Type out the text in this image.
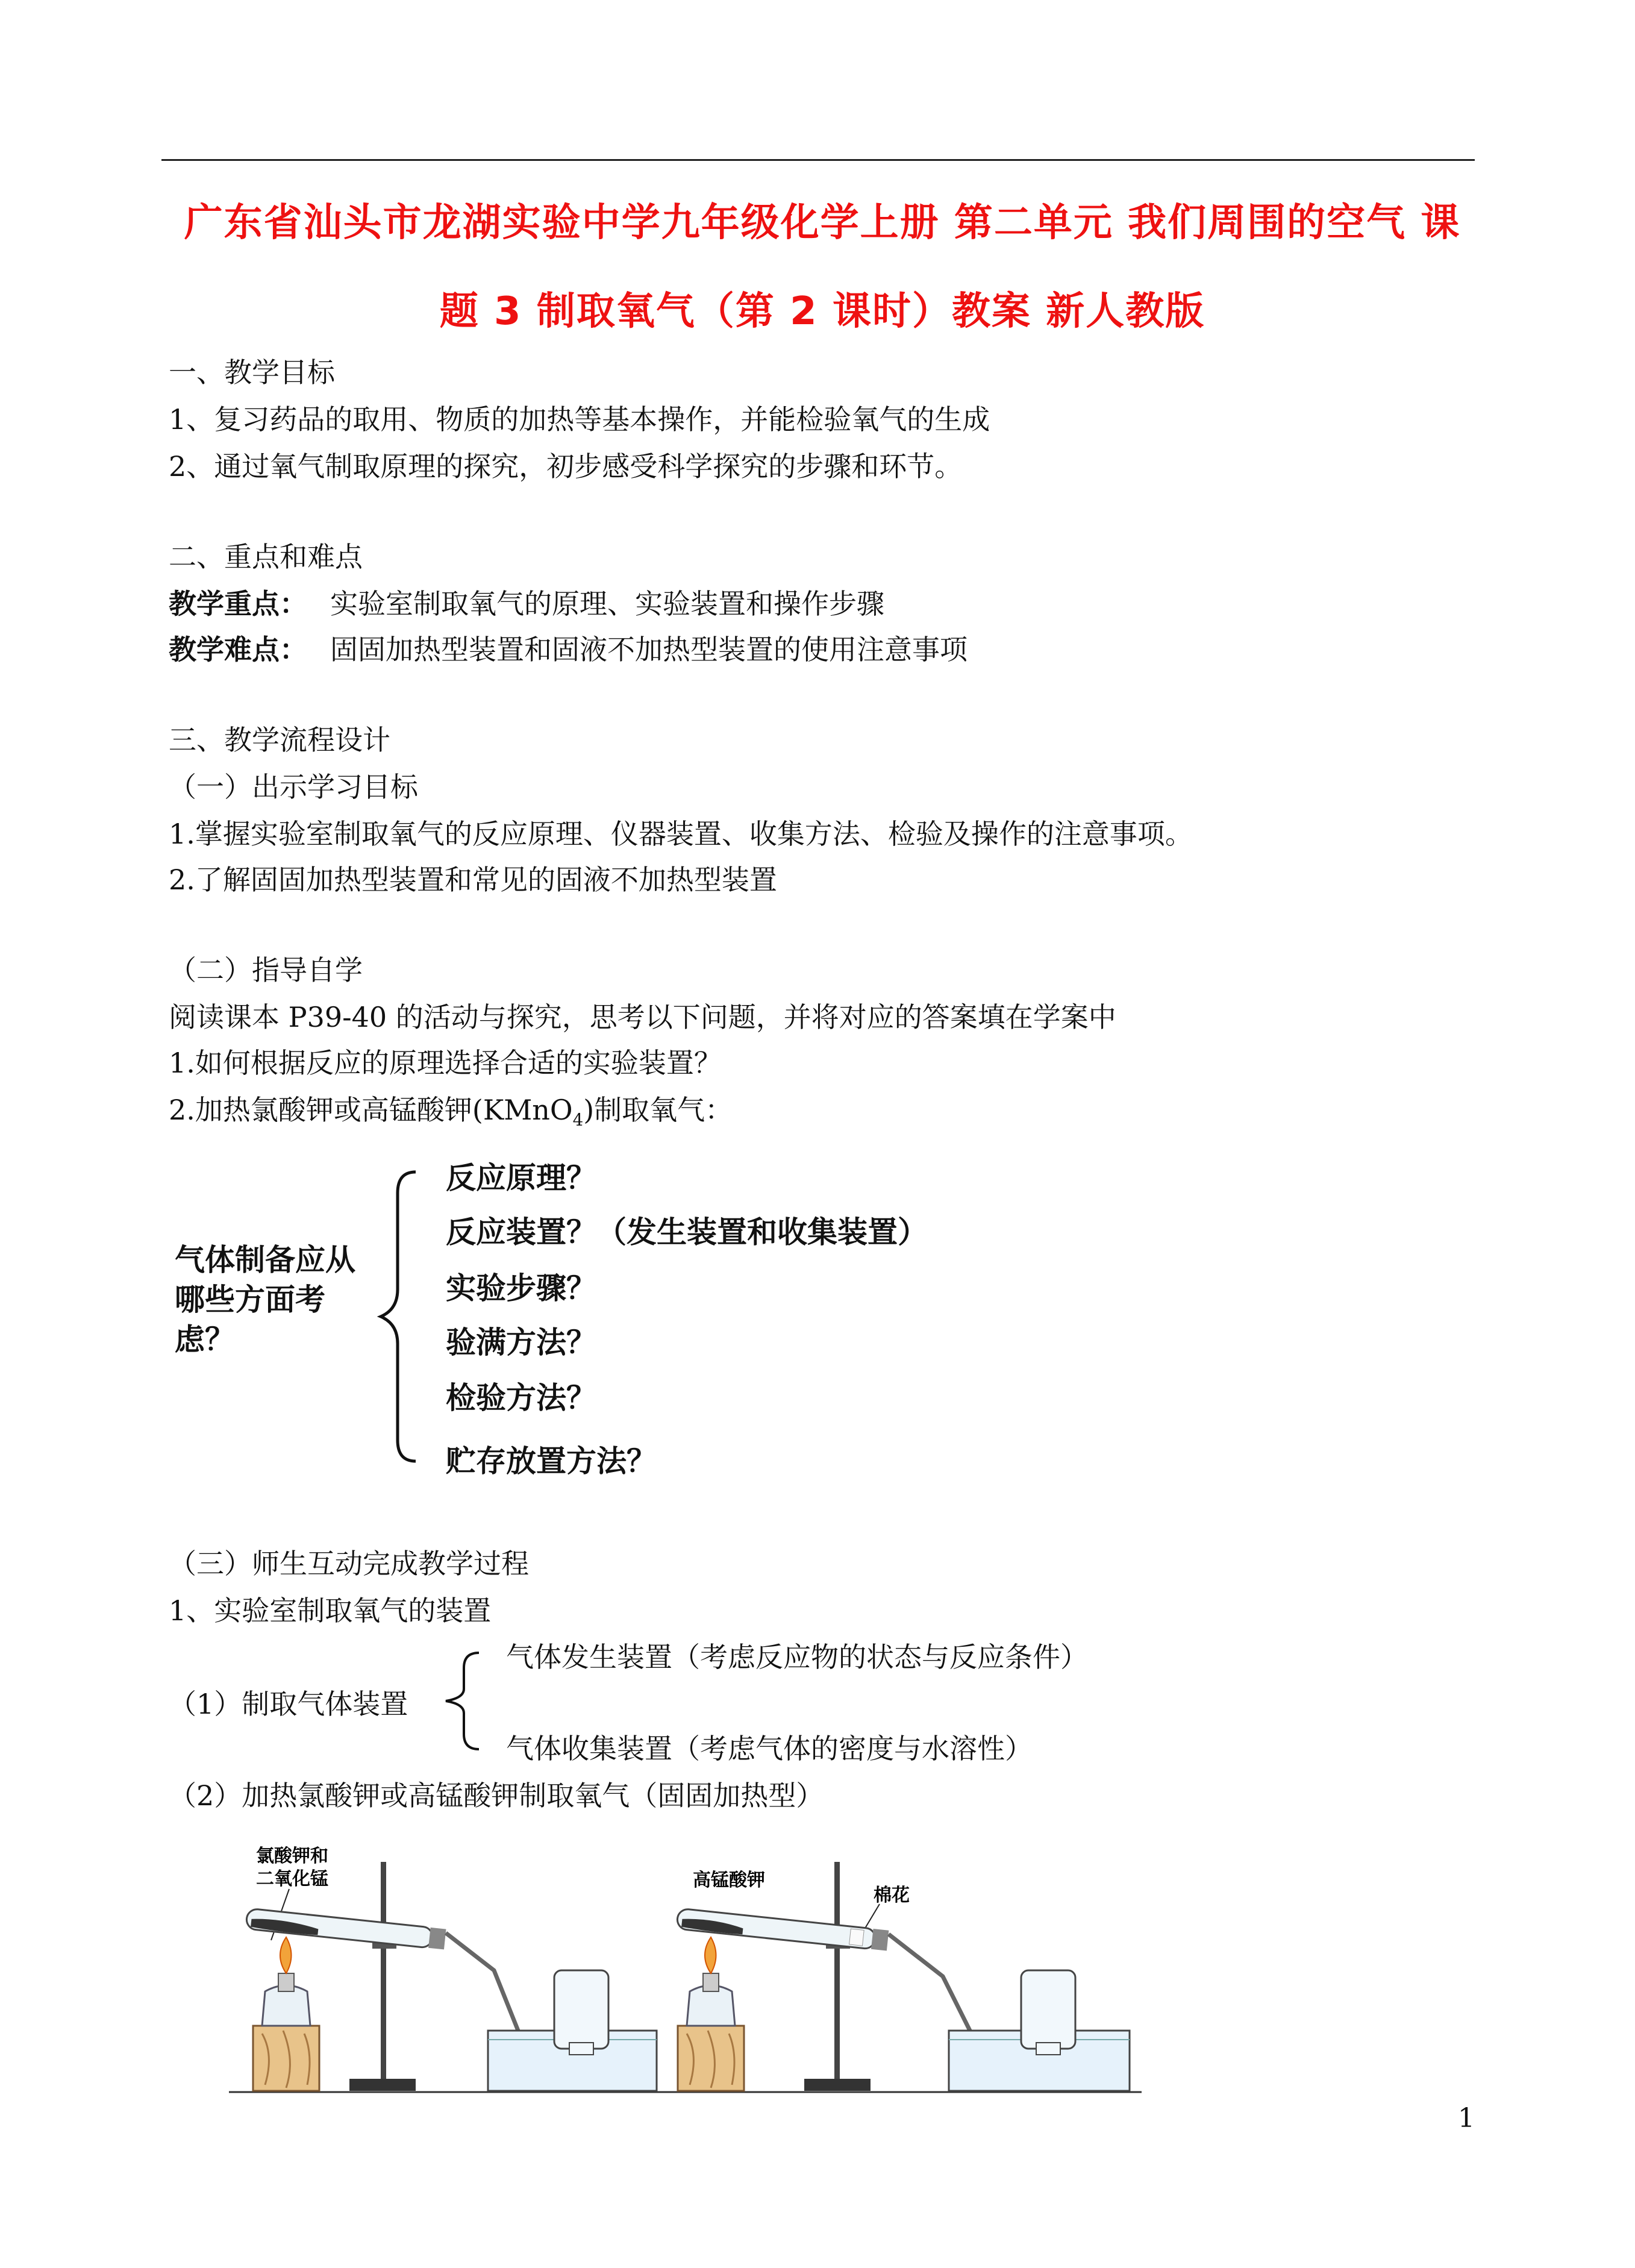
广东省汕头市龙湖实验中学九年级化学上册 第二单元 我们周围的空气 课
题 3 制取氧气（第 2 课时）教案 新人教版
一、教学目标
1、复习药品的取用、物质的加热等基本操作，并能检验氧气的生成
2、通过氧气制取原理的探究，初步感受科学探究的步骤和环节。
二、重点和难点
教学重点： 实验室制取氧气的原理、实验装置和操作步骤
教学难点： 固固加热型装置和固液不加热型装置的使用注意事项
三、教学流程设计
（一）出示学习目标
1.掌握实验室制取氧气的反应原理、仪器装置、收集方法、检验及操作的注意事项。
2.了解固固加热型装置和常见的固液不加热型装置
（二）指导自学
阅读课本 P39-40 的活动与探究，思考以下问题，并将对应的答案填在学案中
1.如何根据反应的原理选择合适的实验装置？
2.加热氯酸钾或高锰酸钾(KMnO$_4$)制取氧气：
气体制备应从
哪些方面考
虑？
反应原理？
反应装置？（发生装置和收集装置）
实验步骤？
验满方法？
检验方法？
贮存放置方法？
（三）师生互动完成教学过程
1、实验室制取氧气的装置
气体发生装置（考虑反应物的状态与反应条件）
（1）制取气体装置
气体收集装置（考虑气体的密度与水溶性）
（2）加热氯酸钾或高锰酸钾制取氧气（固固加热型）
氯酸钾和
二氧化锰	高锰酸钾
棉花
1
